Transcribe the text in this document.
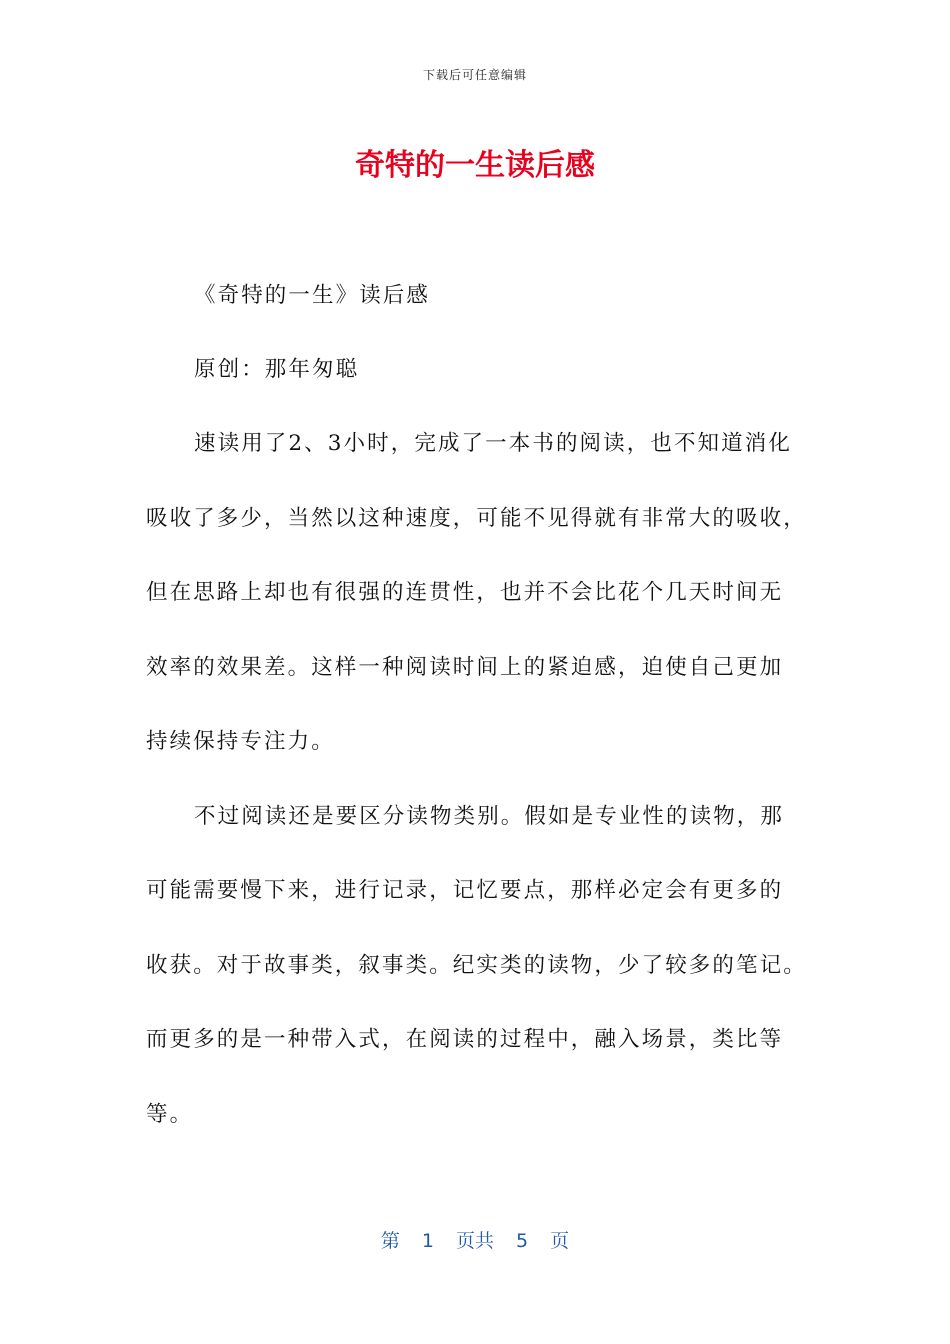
下载后可任意编辑
奇特的一生读后感
《奇特的一生》读后感
原创：那年匆聪
速读用了2、3小时，完成了一本书的阅读，也不知道消化
吸收了多少，当然以这种速度，可能不见得就有非常大的吸收，
但在思路上却也有很强的连贯性，也并不会比花个几天时间无
效率的效果差。这样一种阅读时间上的紧迫感，迫使自己更加
持续保持专注力。
不过阅读还是要区分读物类别。假如是专业性的读物，那
可能需要慢下来，进行记录，记忆要点，那样必定会有更多的
收获。对于故事类，叙事类。纪实类的读物，少了较多的笔记。
而更多的是一种带入式，在阅读的过程中，融入场景，类比等
等。
第 1 页共 5 页
